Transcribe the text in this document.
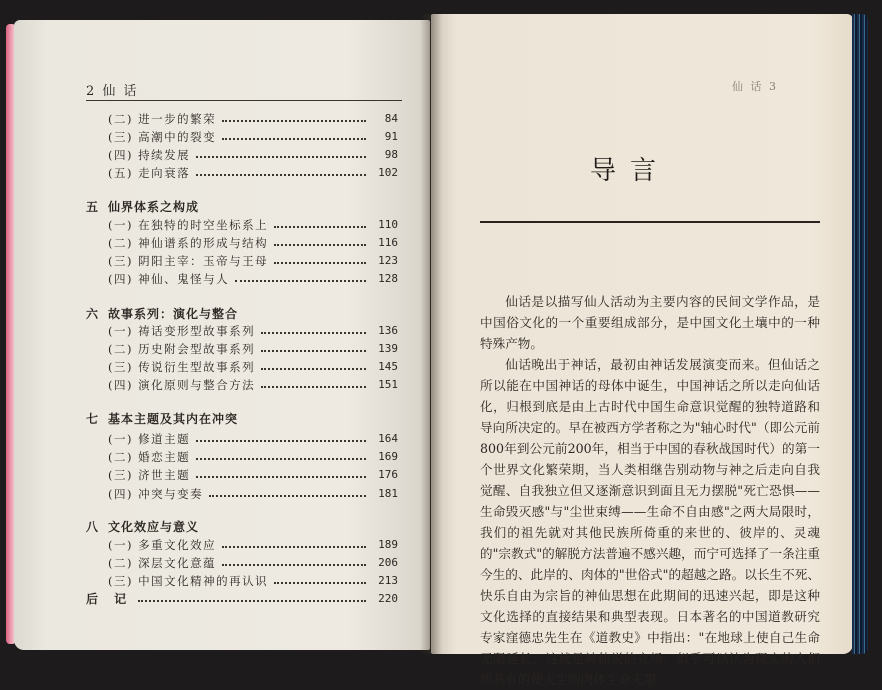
2 仙 话
(二) 进一步的繁荣	84
(三) 高潮中的裂变	91
(四) 持续发展	98
(五) 走向衰落	102
五 仙界体系之构成
(一) 在独特的时空坐标系上	110
(二) 神仙谱系的形成与结构	116
(三) 阴阳主宰：玉帝与王母	123
(四) 神仙、鬼怪与人	128
六 故事系列：演化与整合
(一) 祷话变形型故事系列	136
(二) 历史附会型故事系列	139
(三) 传说衍生型故事系列	145
(四) 演化原则与整合方法	151
七 基本主题及其内在冲突
(一) 修道主题	164
(二) 婚恋主题	169
(三) 济世主题	176
(四) 冲突与变奏	181
八 文化效应与意义
(一) 多重文化效应	189
(二) 深层文化意蕴	206
(三) 中国文化精神的再认识	213
后 记	220
仙 话 3
导言

仙话是以描写仙人活动为主要内容的民间文学作品，是中国俗文化的一个重要组成部分，是中国文化土壤中的一种特殊产物。

仙话晚出于神话，最初由神话发展演变而来。但仙话之所以能在中国神话的母体中诞生，中国神话之所以走向仙话化，归根到底是由上古时代中国生命意识觉醒的独特道路和导向所决定的。早在被西方学者称之为"轴心时代"（即公元前800年到公元前200年，相当于中国的春秋战国时代）的第一个世界文化繁荣期，当人类相继告别动物与神之后走向自我觉醒、自我独立但又逐渐意识到面且无力摆脱"死亡恐惧——生命毁灭感"与"尘世束缚——生命不自由感"之两大局限时，我们的祖先就对其他民族所倚重的来世的、彼岸的、灵魂的"宗教式"的解脱方法普遍不感兴趣，而宁可选择了一条注重今生的、此岸的、肉体的"世俗式"的超越之路。以长生不死、快乐自由为宗旨的神仙思想在此期间的迅速兴起，即是这种文化选择的直接结果和典型表现。日本著名的中国道教研究专家窪德忠先生在《道教史》中指出："在地球上使自己生命无限延长，这就是神仙说的立场。似乎可以认为现实的人们所具有的使天生的肉体生命无限
